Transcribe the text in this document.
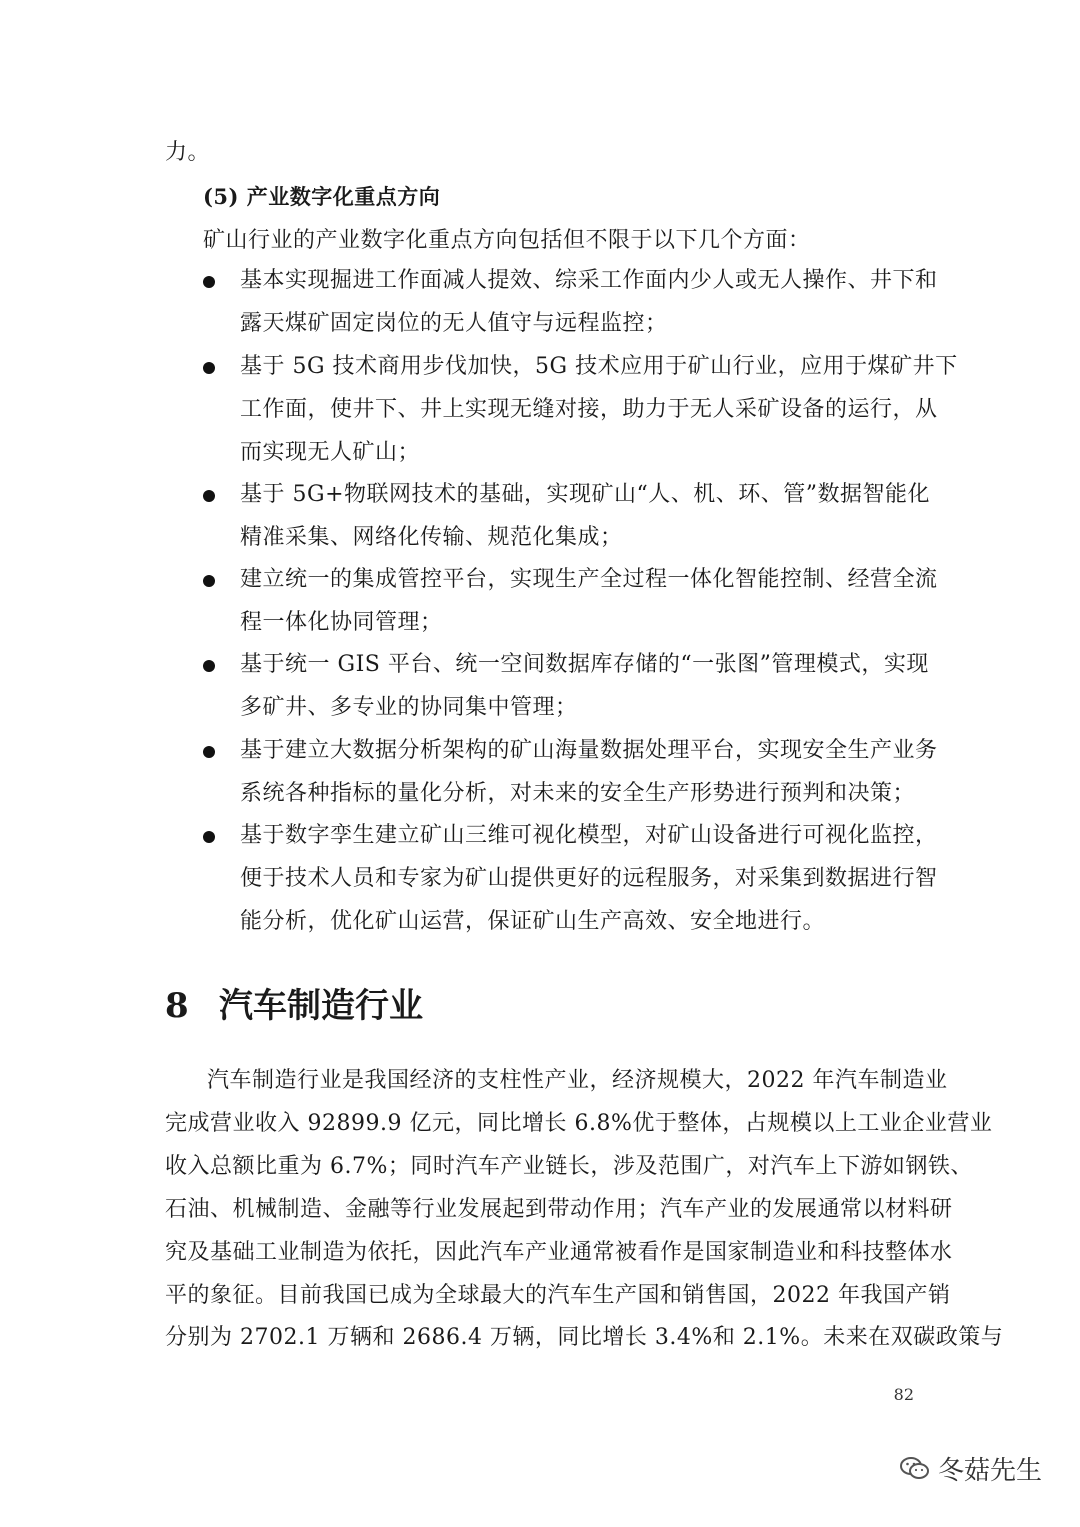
力。
(5) 产业数字化重点方向
矿山行业的产业数字化重点方向包括但不限于以下几个方面：
基本实现掘进工作面减人提效、综采工作面内少人或无人操作、井下和
露天煤矿固定岗位的无人值守与远程监控；
基于 5G 技术商用步伐加快，5G 技术应用于矿山行业，应用于煤矿井下
工作面，使井下、井上实现无缝对接，助力于无人采矿设备的运行，从
而实现无人矿山；
基于 5G+物联网技术的基础，实现矿山“人、机、环、管”数据智能化
精准采集、网络化传输、规范化集成；
建立统一的集成管控平台，实现生产全过程一体化智能控制、经营全流
程一体化协同管理；
基于统一 GIS 平台、统一空间数据库存储的“一张图”管理模式，实现
多矿井、多专业的协同集中管理；
基于建立大数据分析架构的矿山海量数据处理平台，实现安全生产业务
系统各种指标的量化分析，对未来的安全生产形势进行预判和决策；
基于数字孪生建立矿山三维可视化模型，对矿山设备进行可视化监控，
便于技术人员和专家为矿山提供更好的远程服务，对采集到数据进行智
能分析，优化矿山运营，保证矿山生产高效、安全地进行。
8 汽车制造行业
汽车制造行业是我国经济的支柱性产业，经济规模大，2022 年汽车制造业
完成营业收入 92899.9 亿元，同比增长 6.8%优于整体，占规模以上工业企业营业
收入总额比重为 6.7%；同时汽车产业链长，涉及范围广，对汽车上下游如钢铁、
石油、机械制造、金融等行业发展起到带动作用；汽车产业的发展通常以材料研
究及基础工业制造为依托，因此汽车产业通常被看作是国家制造业和科技整体水
平的象征。目前我国已成为全球最大的汽车生产国和销售国，2022 年我国产销
分别为 2702.1 万辆和 2686.4 万辆，同比增长 3.4%和 2.1%。未来在双碳政策与
82
冬菇先生
